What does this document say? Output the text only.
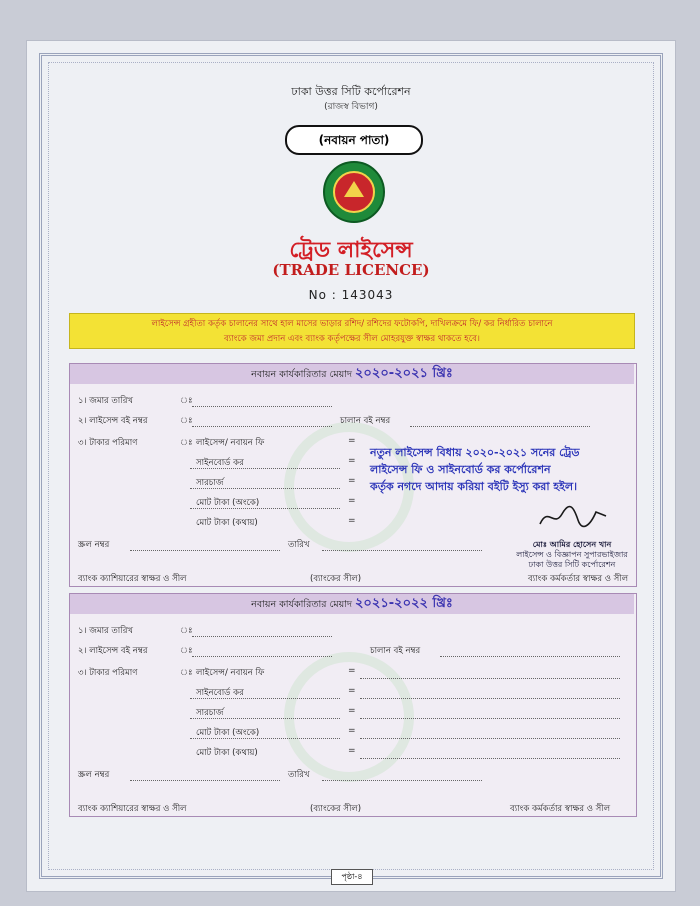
ঢাকা উত্তর সিটি কর্পোরেশন
(রাজস্ব বিভাগ)
(নবায়ন পাতা)
ট্রেড লাইসেন্স
(TRADE LICENCE)
No : 143043
লাইসেন্স গ্রহীতা কর্তৃক চালানের সাথে হাল মাসের ভাড়ার রশিদ/ রশিদের ফটোকপি, দাখিলক্রমে ফি/ কর নির্ধারিত চালানে
ব্যাংকে জমা প্রদান এবং ব্যাংক কর্তৃপক্ষের সীল মোহরযুক্ত স্বাক্ষর থাকতে হবে।
নবায়ন কার্যকারিতার মেয়াদ ২০২০-২০২১ খ্রিঃ
১। জমার তারিখ	ঃ
২। লাইসেন্স বই নম্বর	ঃ	চালান বই নম্বর
৩। টাকার পরিমাণ	ঃ লাইসেন্স/ নবায়ন ফি	=
সাইনবোর্ড কর	=
সারচার্জ	=
মোট টাকা (অংকে)	=
মোট টাকা (কথায়)	=
স্ক্রল নম্বর	তারিখ
ব্যাংক ক্যাশিয়ারের স্বাক্ষর ও সীল	(ব্যাংকের সীল)	ব্যাংক কর্মকর্তার স্বাক্ষর ও সীল
নতুন লাইসেন্স বিধায় ২০২০-২০২১ সনের ট্রেড
লাইসেন্স ফি ও সাইনবোর্ড কর কর্পোরেশন
কর্তৃক নগদে আদায় করিয়া বইটি ইস্যু করা হইল।
মোঃ আমির হোসেন খান
লাইসেন্স ও বিজ্ঞাপন সুপারভাইজার
ঢাকা উত্তর সিটি কর্পোরেশন
নবায়ন কার্যকারিতার মেয়াদ ২০২১-২০২২ খ্রিঃ
১। জমার তারিখ	ঃ
২। লাইসেন্স বই নম্বর	ঃ	চালান বই নম্বর
৩। টাকার পরিমাণ	ঃ লাইসেন্স/ নবায়ন ফি	=
সাইনবোর্ড কর	=
সারচার্জ	=
মোট টাকা (অংকে)	=
মোট টাকা (কথায়)	=
স্ক্রল নম্বর	তারিখ
ব্যাংক ক্যাশিয়ারের স্বাক্ষর ও সীল	(ব্যাংকের সীল)	ব্যাংক কর্মকর্তার স্বাক্ষর ও সীল
পৃষ্ঠা-৪
